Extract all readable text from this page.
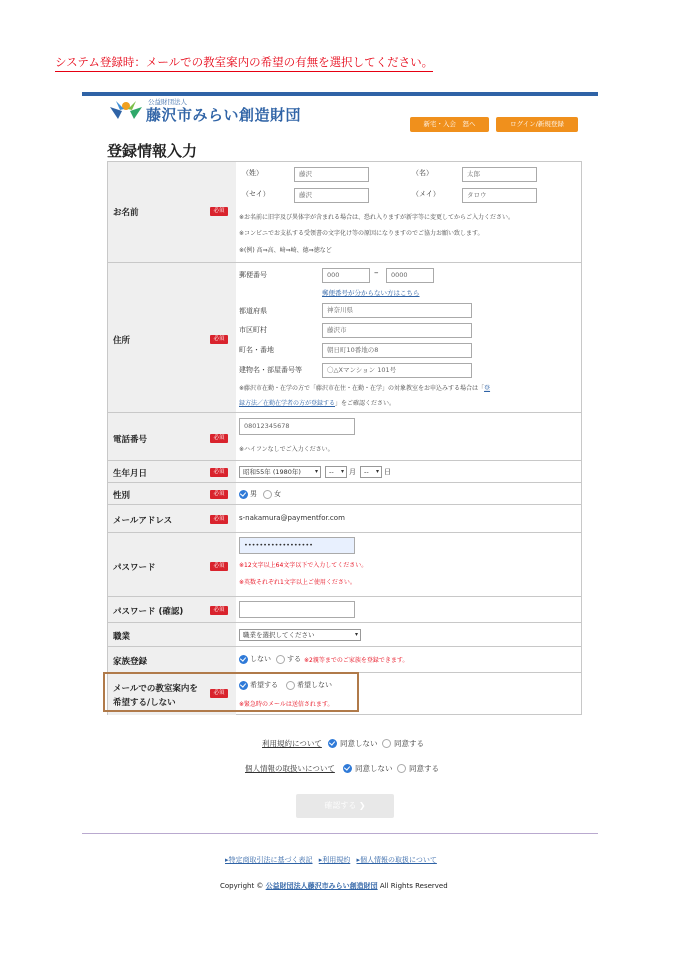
システム登録時：メールでの教室案内の希望の有無を選択してください。
公益財団法人
藤沢市みらい創造財団	新宅・入会　怒へ	ログイン/新規登録
登録情報入力
お名前	必須
（姓）	藤沢	（名）	太郎
（セイ）	藤沢	（メイ）	タロウ
※お名前に旧字及び異体字が含まれる場合は、恐れ入りますが新字等に変更してからご入力ください。
※コンビニでお支払する受領書の文字化け等の原因になりますのでご協力お願い致します。
※(例) 髙⇒高、﨑⇒崎、德⇒徳など
住所	必須
郵便番号	000	–	0000
郵便番号が分からない方はこちら
都道府県	神奈川県
市区町村	藤沢市
町名・番地	朝日町10番地の8
建物名・部屋番号等	〇△Xマンション 101号
※藤沢市在勤・在学の方で「藤沢市在住・在勤・在学」の対象教室をお申込みする場合は「登
録方法／在勤在学者の方が登録する」をご確認ください。
電話番号	必須
08012345678
※ハイフンなしでご入力ください。
生年月日	必須	昭和55年 (1980年) ▾	-- ▾ 月	-- ▾ 日
性別	必須	男 女
メールアドレス	必須	s-nakamura@paymentfor.com
パスワード	必須
••••••••••••••••••
※12文字以上64文字以下で入力してください。
※英数それぞれ1文字以上ご使用ください。
パスワード (確認)	必須
職業	職業を選択してください	▾
家族登録	しない する ※2親等までのご家族を登録できます。
メールでの教室案内を
希望する/しない
必須
希望する	希望しない
※緊急時のメールは送信されます。
利用規約について 同意しない 同意する
個人情報の取扱いについて	同意しない 同意する
確認する ❯
▸特定商取引法に基づく表記 ▸利用規約 ▸個人情報の取扱について
Copyright © 公益財団法人藤沢市みらい創造財団 All Rights Reserved
